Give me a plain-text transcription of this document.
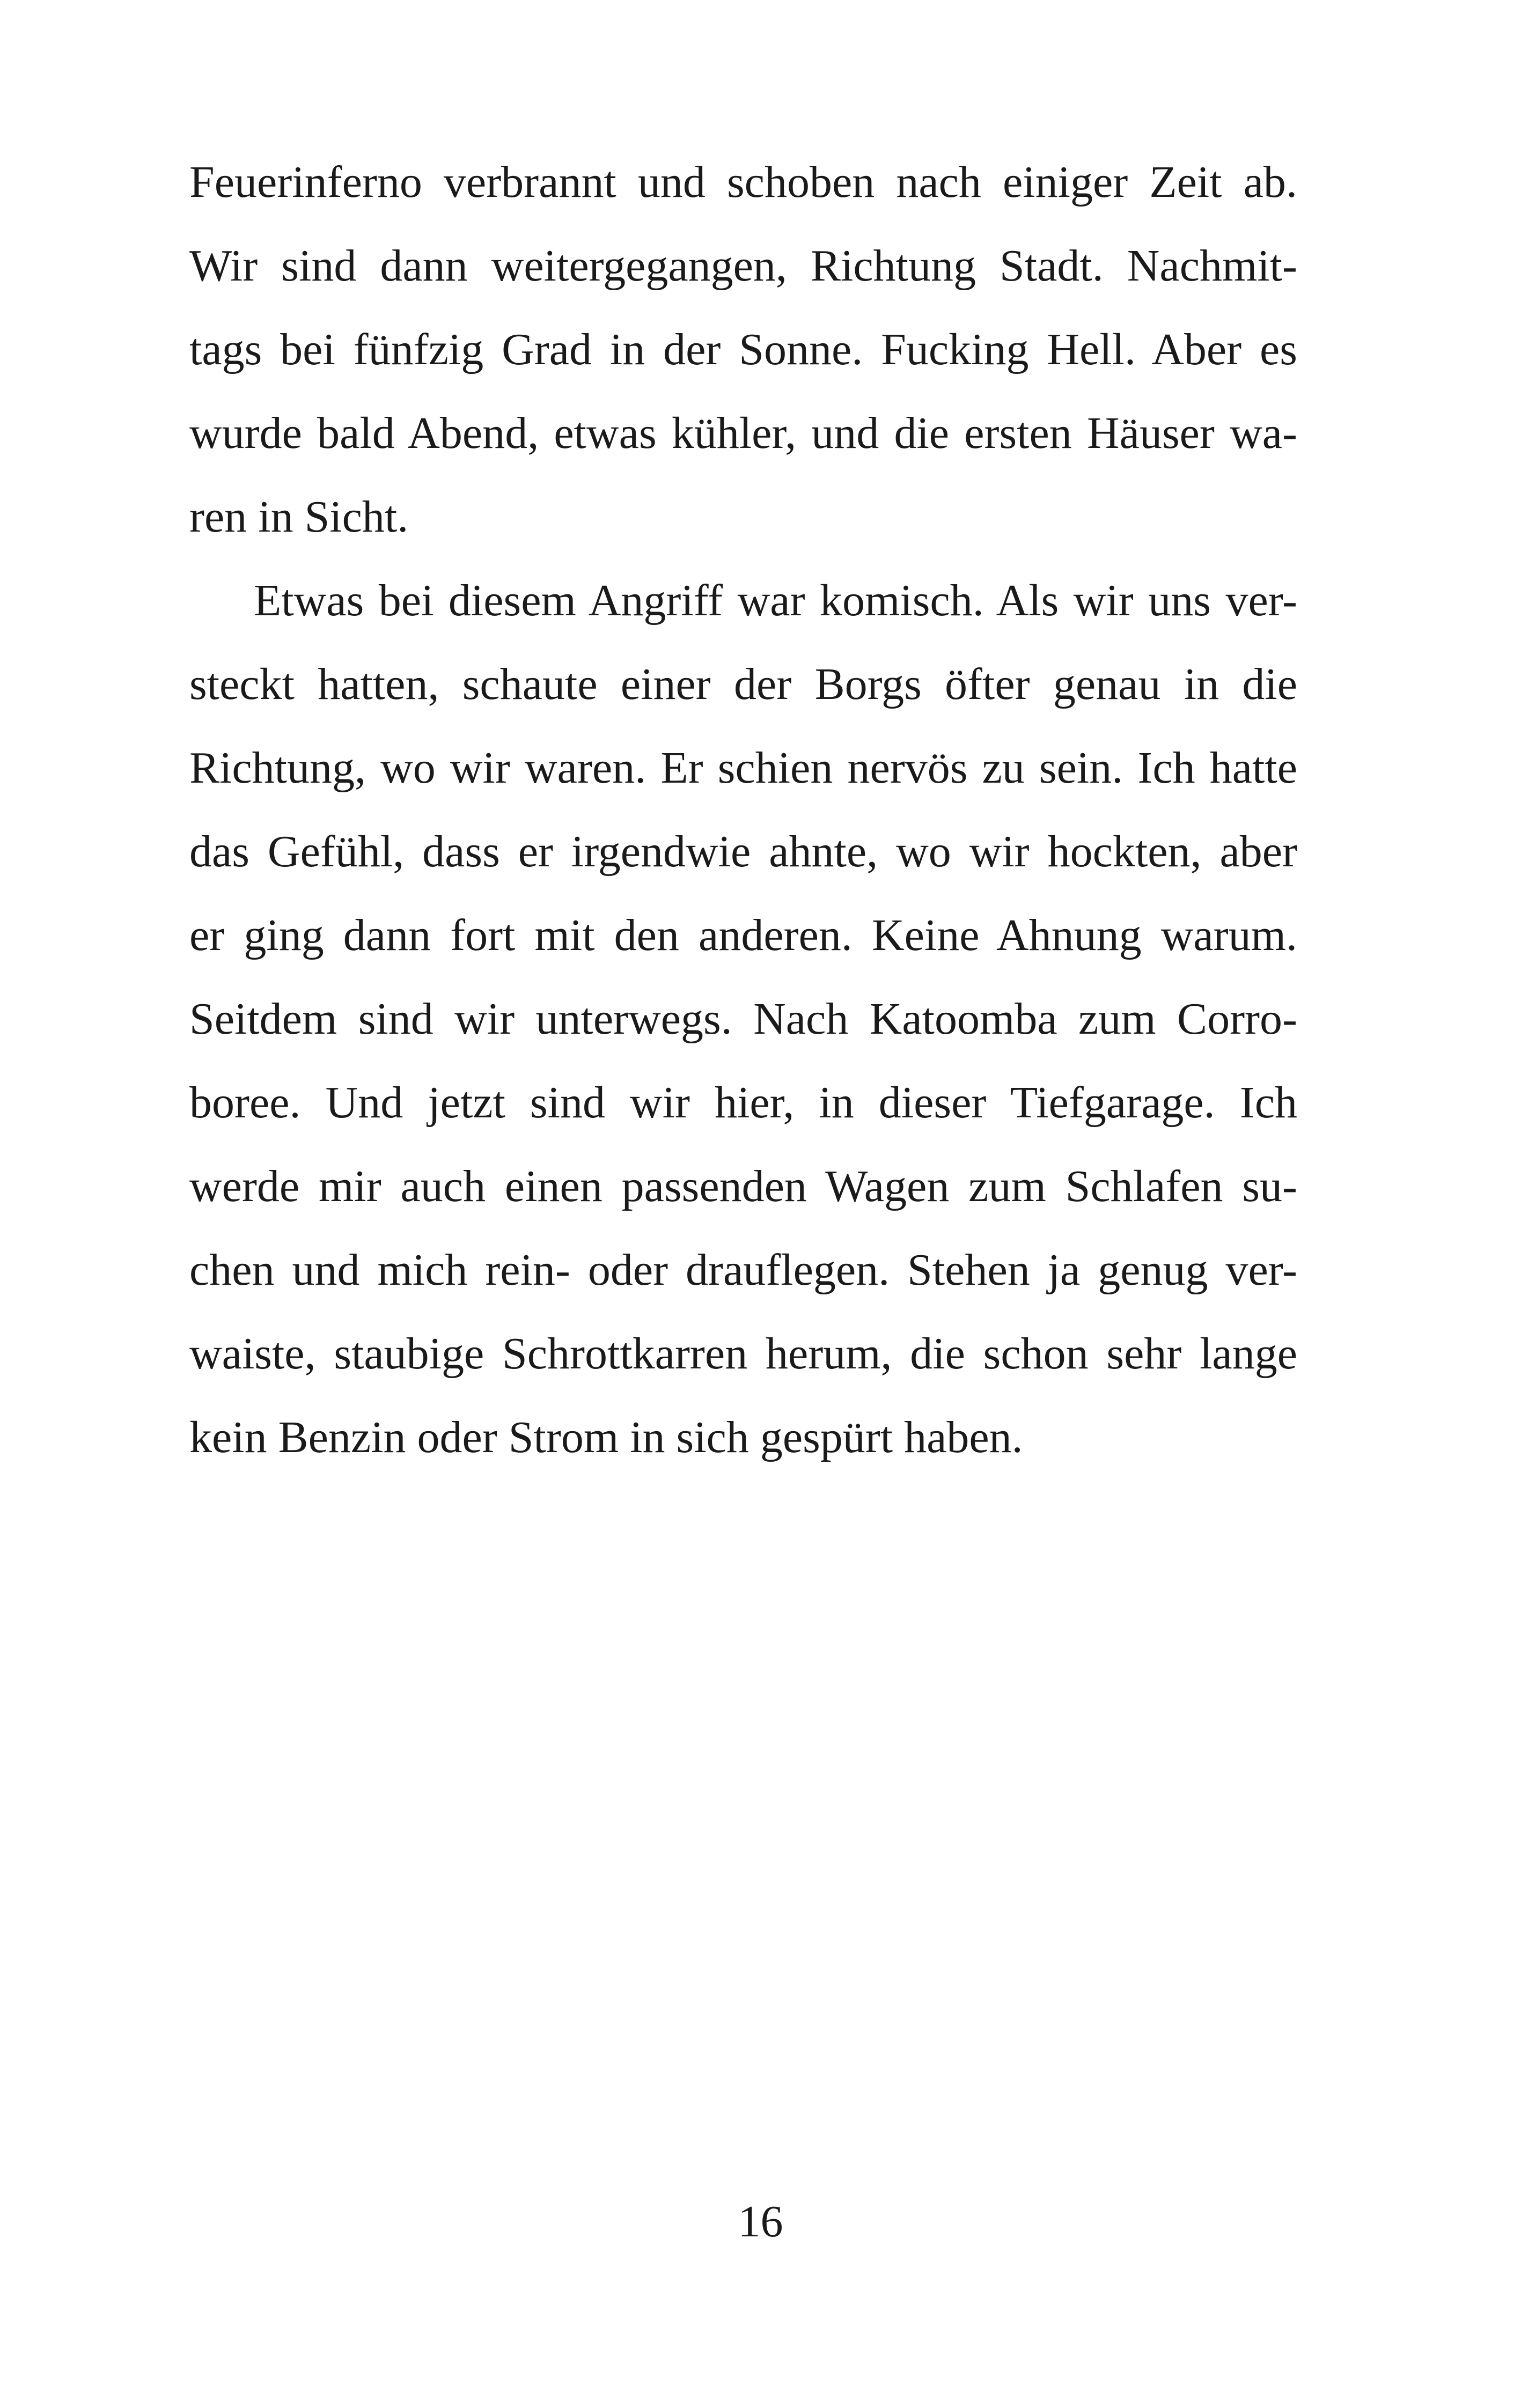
Feuerinferno verbrannt und schoben nach einiger Zeit ab.
Wir sind dann weitergegangen, Richtung Stadt. Nachmit-
tags bei fünfzig Grad in der Sonne. Fucking Hell. Aber es
wurde bald Abend, etwas kühler, und die ersten Häuser wa-
ren in Sicht.

Etwas bei diesem Angriff war komisch. Als wir uns ver-
steckt hatten, schaute einer der Borgs öfter genau in die
Richtung, wo wir waren. Er schien nervös zu sein. Ich hatte
das Gefühl, dass er irgendwie ahnte, wo wir hockten, aber
er ging dann fort mit den anderen. Keine Ahnung warum.
Seitdem sind wir unterwegs. Nach Katoomba zum Corro-
boree. Und jetzt sind wir hier, in dieser Tiefgarage. Ich
werde mir auch einen passenden Wagen zum Schlafen su-
chen und mich rein- oder drauflegen. Stehen ja genug ver-
waiste, staubige Schrottkarren herum, die schon sehr lange
kein Benzin oder Strom in sich gespürt haben.

16
